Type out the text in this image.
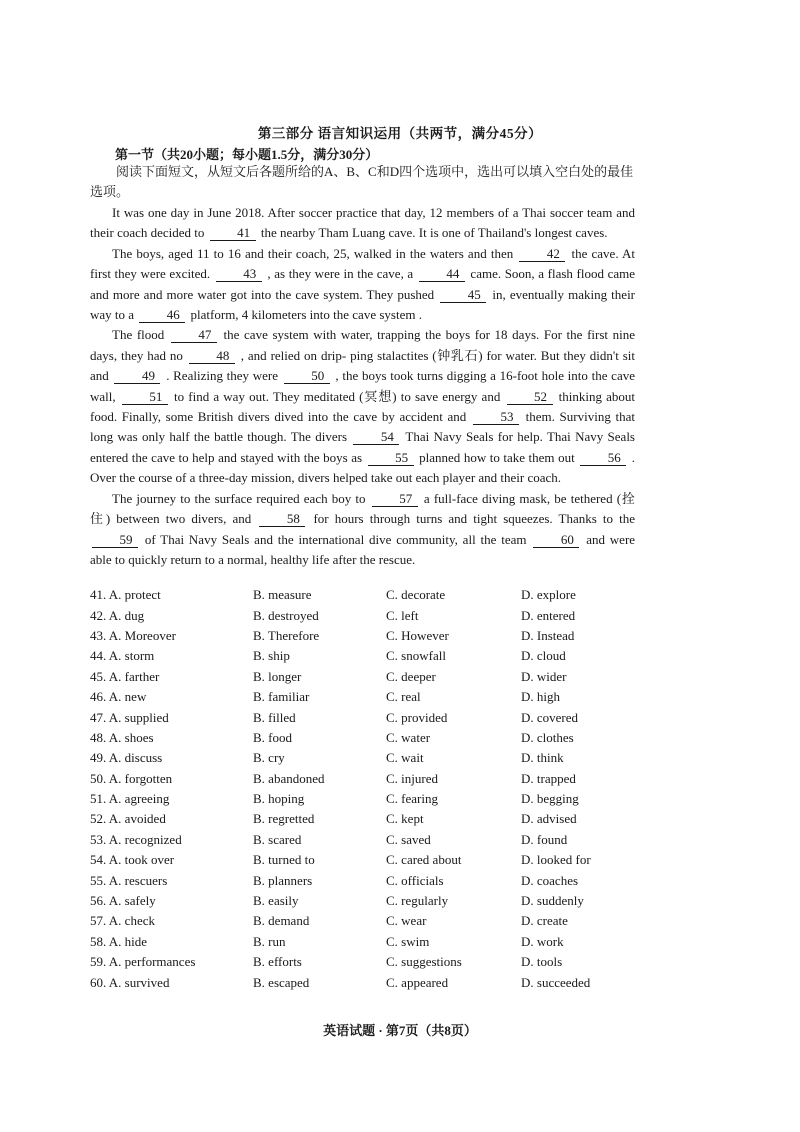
第三部分 语言知识运用（共两节，满分45分）
第一节（共20小题；每小题1.5分，满分30分）

阅读下面短文，从短文后各题所给的A、B、C和D四个选项中，选出可以填入空白处的最佳选项。

It was one day in June 2018. After soccer practice that day, 12 members of a Thai soccer team and their coach decided to	41 the nearby Tham Luang cave. It is one of Thailand's longest caves.

The boys, aged 11 to 16 and their coach, 25, walked in the waters and then	42 the cave. At first they were excited.	43 , as they were in the cave, a	44 came. Soon, a flash flood came and more and more water got into the cave system. They pushed	45 in, eventually making their way to a	46 platform, 4 kilometers into the cave system .

The flood	47 the cave system with water, trapping the boys for 18 days. For the first nine days, they had no	48 , and relied on drip- ping stalactites (钟乳石) for water. But they didn't sit and	49 . Realizing they were	50 , the boys took turns digging a 16-foot hole into the cave wall,	51 to find a way out. They meditated (冥想) to save energy and	52 thinking about food. Finally, some British divers dived into the cave by accident and	53 them. Surviving that long was only half the battle though. The divers	54 Thai Navy Seals for help. Thai Navy Seals entered the cave to help and stayed with the boys as	55 planned how to take them out	56 . Over the course of a three-day mission, divers helped take out each player and their coach.

The journey to the surface required each boy to	57 a full-face diving mask, be tethered (拴住) between two divers, and	58 for hours through turns and tight squeezes. Thanks to the 59 of Thai Navy Seals and the international dive community, all the team	60 and were able to quickly return to a normal, healthy life after the rescue.

41. A. protect	B. measure	C. decorate	D. explore
42. A. dug	B. destroyed	C. left	D. entered
43. A. Moreover	B. Therefore	C. However	D. Instead
44. A. storm	B. ship	C. snowfall	D. cloud
45. A. farther	B. longer	C. deeper	D. wider
46. A. new	B. familiar	C. real	D. high
47. A. supplied	B. filled	C. provided	D. covered
48. A. shoes	B. food	C. water	D. clothes
49. A. discuss	B. cry	C. wait	D. think
50. A. forgotten	B. abandoned	C. injured	D. trapped
51. A. agreeing	B. hoping	C. fearing	D. begging
52. A. avoided	B. regretted	C. kept	D. advised
53. A. recognized	B. scared	C. saved	D. found
54. A. took over	B. turned to	C. cared about	D. looked for
55. A. rescuers	B. planners	C. officials	D. coaches
56. A. safely	B. easily	C. regularly	D. suddenly
57. A. check	B. demand	C. wear	D. create
58. A. hide	B. run	C. swim	D. work
59. A. performances	B. efforts	C. suggestions	D. tools
60. A. survived	B. escaped	C. appeared	D. succeeded
英语试题 · 第7页（共8页）
